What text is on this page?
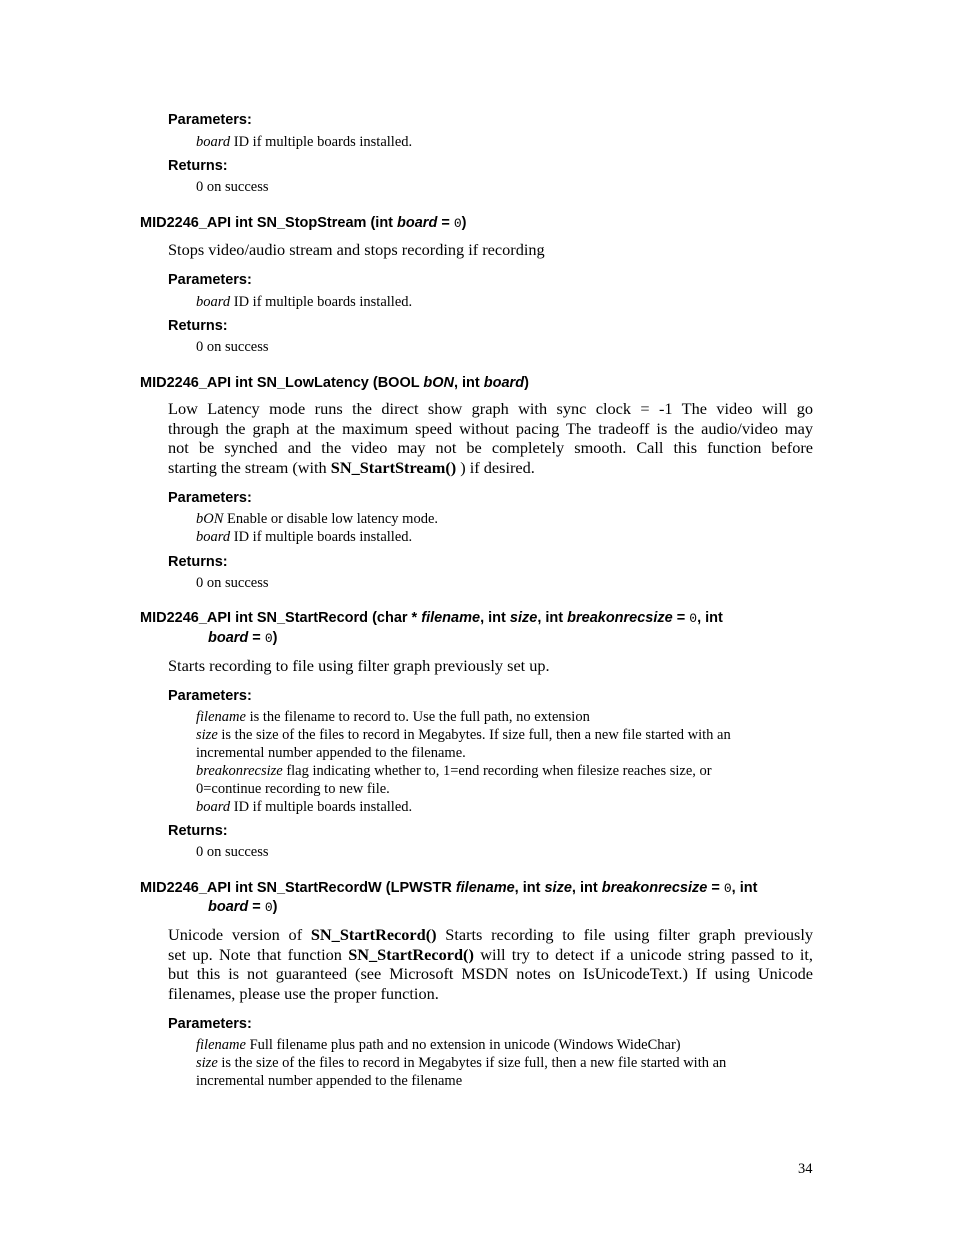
Parameters:
board ID if multiple boards installed.
Returns:
0 on success
MID2246_API int SN_StopStream (int board = 0)
Stops video/audio stream and stops recording if recording
Parameters:
board ID if multiple boards installed.
Returns:
0 on success
MID2246_API int SN_LowLatency (BOOL bON, int board)
Low Latency mode runs the direct show graph with sync clock = -1 The video will go
through the graph at the maximum speed without pacing The tradeoff is the audio/video may
not be synched and the video may not be completely smooth. Call this function before
starting the stream (with SN_StartStream() ) if desired.
Parameters:
bON Enable or disable low latency mode.
board ID if multiple boards installed.
Returns:
0 on success
MID2246_API int SN_StartRecord (char * filename, int size, int breakonrecsize = 0, int
board = 0)
Starts recording to file using filter graph previously set up.
Parameters:
filename is the filename to record to. Use the full path, no extension
size is the size of the files to record in Megabytes. If size full, then a new file started with an
incremental number appended to the filename.
breakonrecsize flag indicating whether to, 1=end recording when filesize reaches size, or
0=continue recording to new file.
board ID if multiple boards installed.
Returns:
0 on success
MID2246_API int SN_StartRecordW (LPWSTR filename, int size, int breakonrecsize = 0, int
board = 0)
Unicode version of SN_StartRecord() Starts recording to file using filter graph previously
set up. Note that function SN_StartRecord() will try to detect if a unicode string passed to it,
but this is not guaranteed (see Microsoft MSDN notes on IsUnicodeText.) If using Unicode
filenames, please use the proper function.
Parameters:
filename Full filename plus path and no extension in unicode (Windows WideChar)
size is the size of the files to record in Megabytes if size full, then a new file started with an
incremental number appended to the filename
34
